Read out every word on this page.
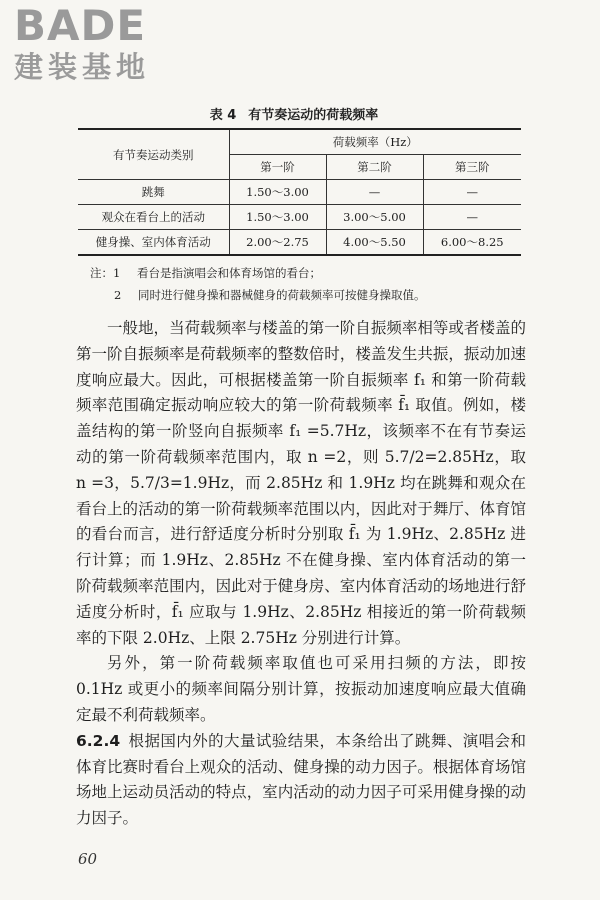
BADE
建装基地
表 4 有节奏运动的荷载频率
有节奏运动类别	荷载频率（Hz）		
	第一阶	第二阶	第三阶
跳舞	1.50～3.00	—	—
观众在看台上的活动	1.50～3.00	3.00～5.00	—
健身操、室内体育活动	2.00～2.75	4.00～5.50	6.00～8.25
注：1 看台是指演唱会和体育场馆的看台；
2 同时进行健身操和器械健身的荷载频率可按健身操取值。

一般地，当荷载频率与楼盖的第一阶自振频率相等或者楼盖的第一阶自振频率是荷载频率的整数倍时，楼盖发生共振，振动加速度响应最大。因此，可根据楼盖第一阶自振频率 f₁ 和第一阶荷载频率范围确定振动响应较大的第一阶荷载频率 f̄₁ 取值。例如，楼盖结构的第一阶竖向自振频率 f₁ =5.7Hz，该频率不在有节奏运动的第一阶荷载频率范围内，取 n =2，则 5.7/2=2.85Hz，取 n =3，5.7/3=1.9Hz，而 2.85Hz 和 1.9Hz 均在跳舞和观众在看台上的活动的第一阶荷载频率范围以内，因此对于舞厅、体育馆的看台而言，进行舒适度分析时分别取 f̄₁ 为 1.9Hz、2.85Hz 进行计算；而 1.9Hz、2.85Hz 不在健身操、室内体育活动的第一阶荷载频率范围内，因此对于健身房、室内体育活动的场地进行舒适度分析时，f̄₁ 应取与 1.9Hz、2.85Hz 相接近的第一阶荷载频率的下限 2.0Hz、上限 2.75Hz 分别进行计算。

另外，第一阶荷载频率取值也可采用扫频的方法，即按 0.1Hz 或更小的频率间隔分别计算，按振动加速度响应最大值确定最不利荷载频率。

6.2.4 根据国内外的大量试验结果，本条给出了跳舞、演唱会和体育比赛时看台上观众的活动、健身操的动力因子。根据体育场馆场地上运动员活动的特点，室内活动的动力因子可采用健身操的动力因子。

60
